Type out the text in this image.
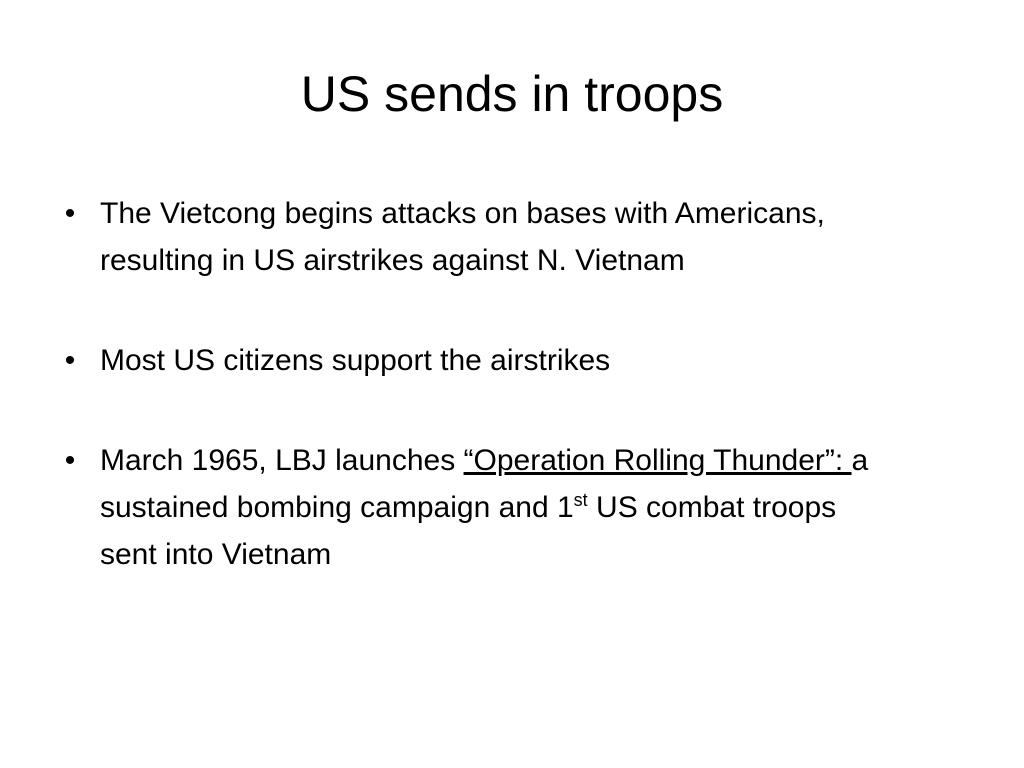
US sends in troops
• The Vietcong begins attacks on bases with Americans, resulting in US airstrikes against N. Vietnam
• Most US citizens support the airstrikes
• March 1965, LBJ launches “Operation Rolling Thunder”: a sustained bombing campaign and 1st US combat troops sent into Vietnam
